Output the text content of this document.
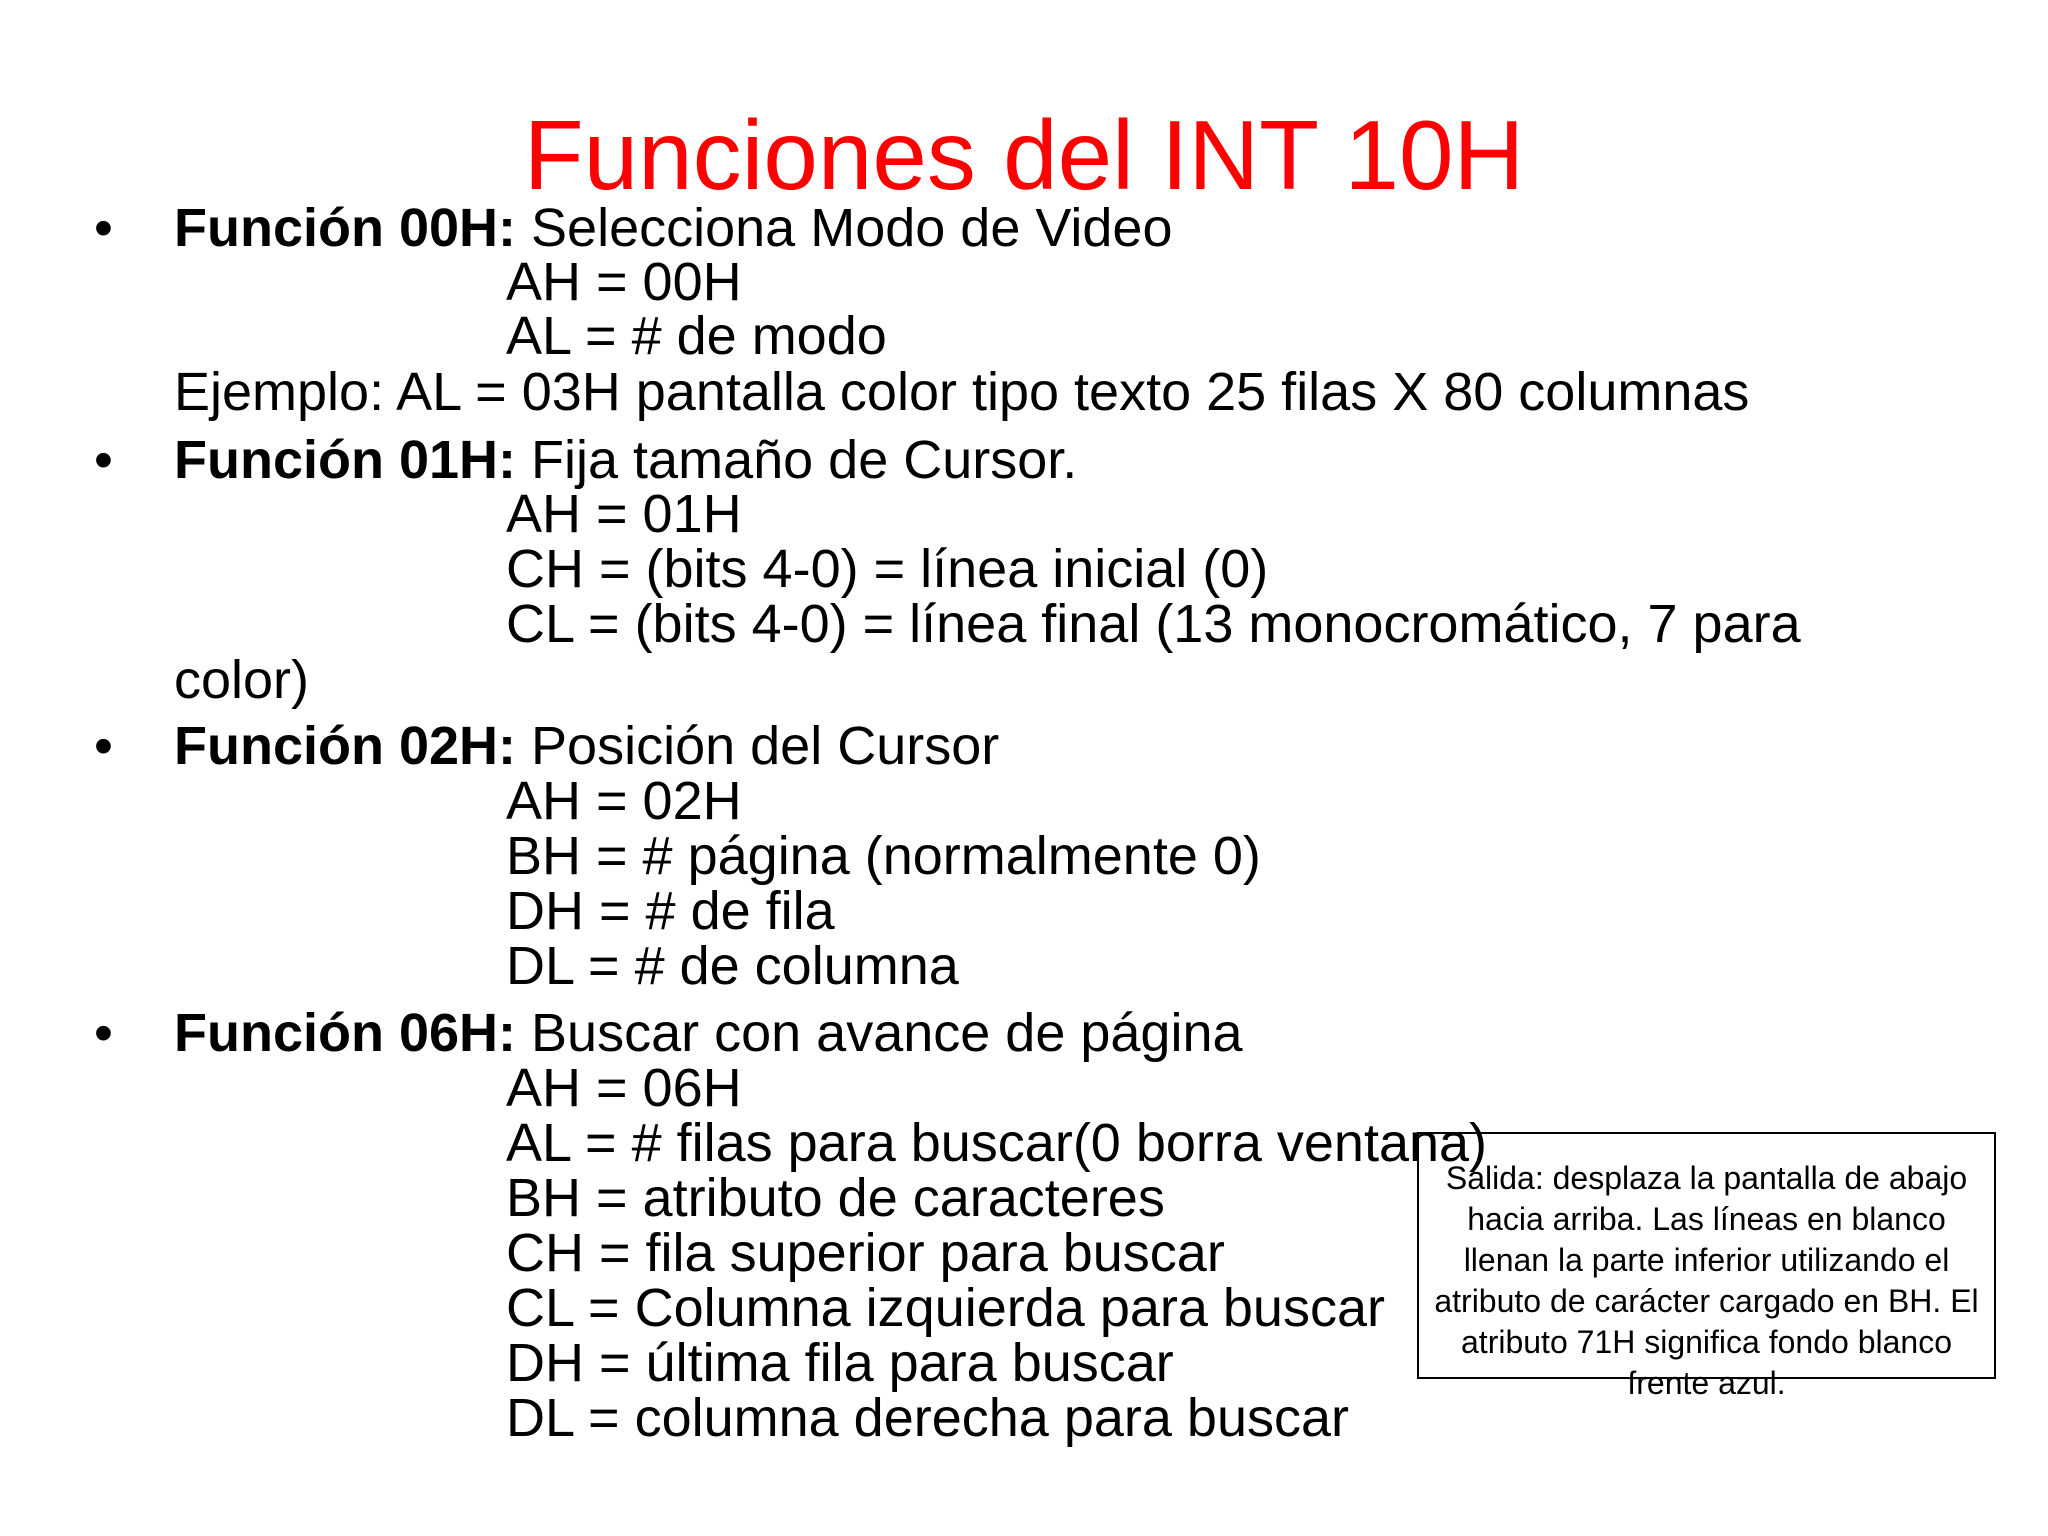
Funciones del INT 10H
• Función 00H: Selecciona Modo de Video
AH = 00H
AL = # de modo
Ejemplo: AL = 03H pantalla color tipo texto 25 filas X 80 columnas
• Función 01H: Fija tamaño de Cursor.
AH = 01H
CH = (bits 4-0) = línea inicial (0)
CL = (bits 4-0) = línea final (13 monocromático, 7 para
color)
• Función 02H: Posición del Cursor
AH = 02H
BH = # página (normalmente 0)
DH = # de fila
DL = # de columna
• Función 06H: Buscar con avance de página
AH = 06H
AL = # filas para buscar(0 borra ventana)
BH = atributo de caracteres
CH = fila superior para buscar
CL = Columna izquierda para buscar
DH = última fila para buscar
DL = columna derecha para buscar
Salida: desplaza la pantalla de abajo hacia arriba. Las líneas en blanco llenan la parte inferior utilizando el atributo de carácter cargado en BH. El atributo 71H significa fondo blanco frente azul.
